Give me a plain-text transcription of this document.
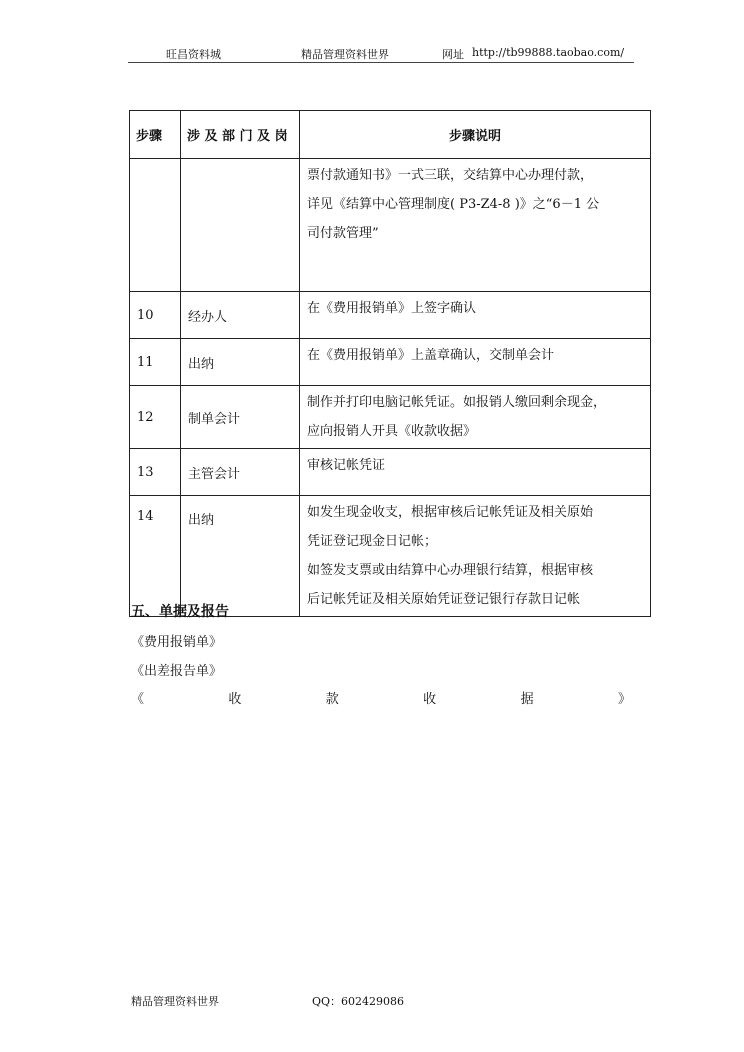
旺昌资料城	精品管理资料世界	网址 http://tb99888.taobao.com/
步骤	涉 及 部 门 及 岗	步骤说明

		票付款通知书》一式三联，交结算中心办理付款，
详见《结算中心管理制度( P3-Z4-8 )》之“6－1 公
司付款管理”

10	经办人	在《费用报销单》上签字确认

11	出纳	在《费用报销单》上盖章确认，交制单会计

12	制单会计	制作并打印电脑记帐凭证。如报销人缴回剩余现金，
应向报销人开具《收款收据》

13	主管会计	审核记帐凭证

14	出纳	如发生现金收支，根据审核后记帐凭证及相关原始
凭证登记现金日记帐；
如签发支票或由结算中心办理银行结算，根据审核
后记帐凭证及相关原始凭证登记银行存款日记帐
五、单据及报告
《费用报销单》
《出差报告单》
《	收	款	收	据	》
精品管理资料世界	QQ：602429086
